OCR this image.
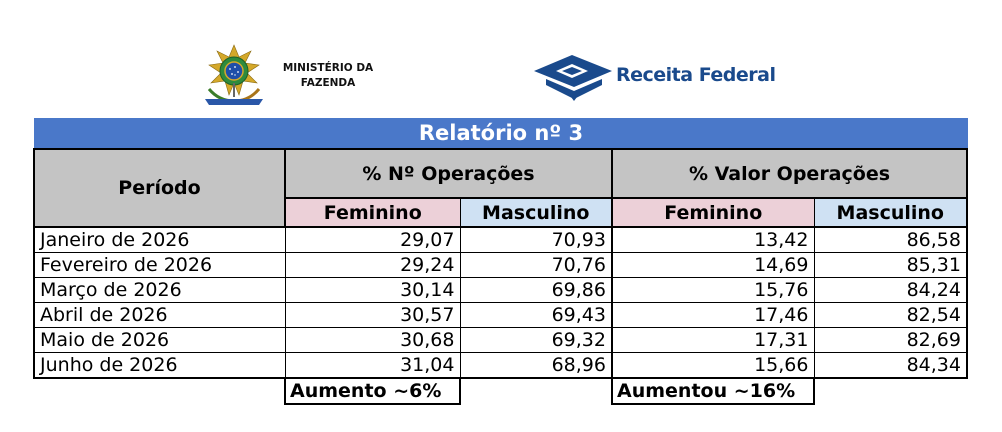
MINISTÉRIO DA
FAZENDA	Receita Federal
Relatório nº 3
Período	% Nº Operações		% Valor Operações	
	Feminino	Masculino	Feminino	Masculino
Janeiro de 2026	29,07	70,93	13,42	86,58
Fevereiro de 2026	29,24	70,76	14,69	85,31
Março de 2026	30,14	69,86	15,76	84,24
Abril de 2026	30,57	69,43	17,46	82,54
Maio de 2026	30,68	69,32	17,31	82,69
Junho de 2026	31,04	68,96	15,66	84,34
	Aumento ~6%		Aumentou ~16%	
